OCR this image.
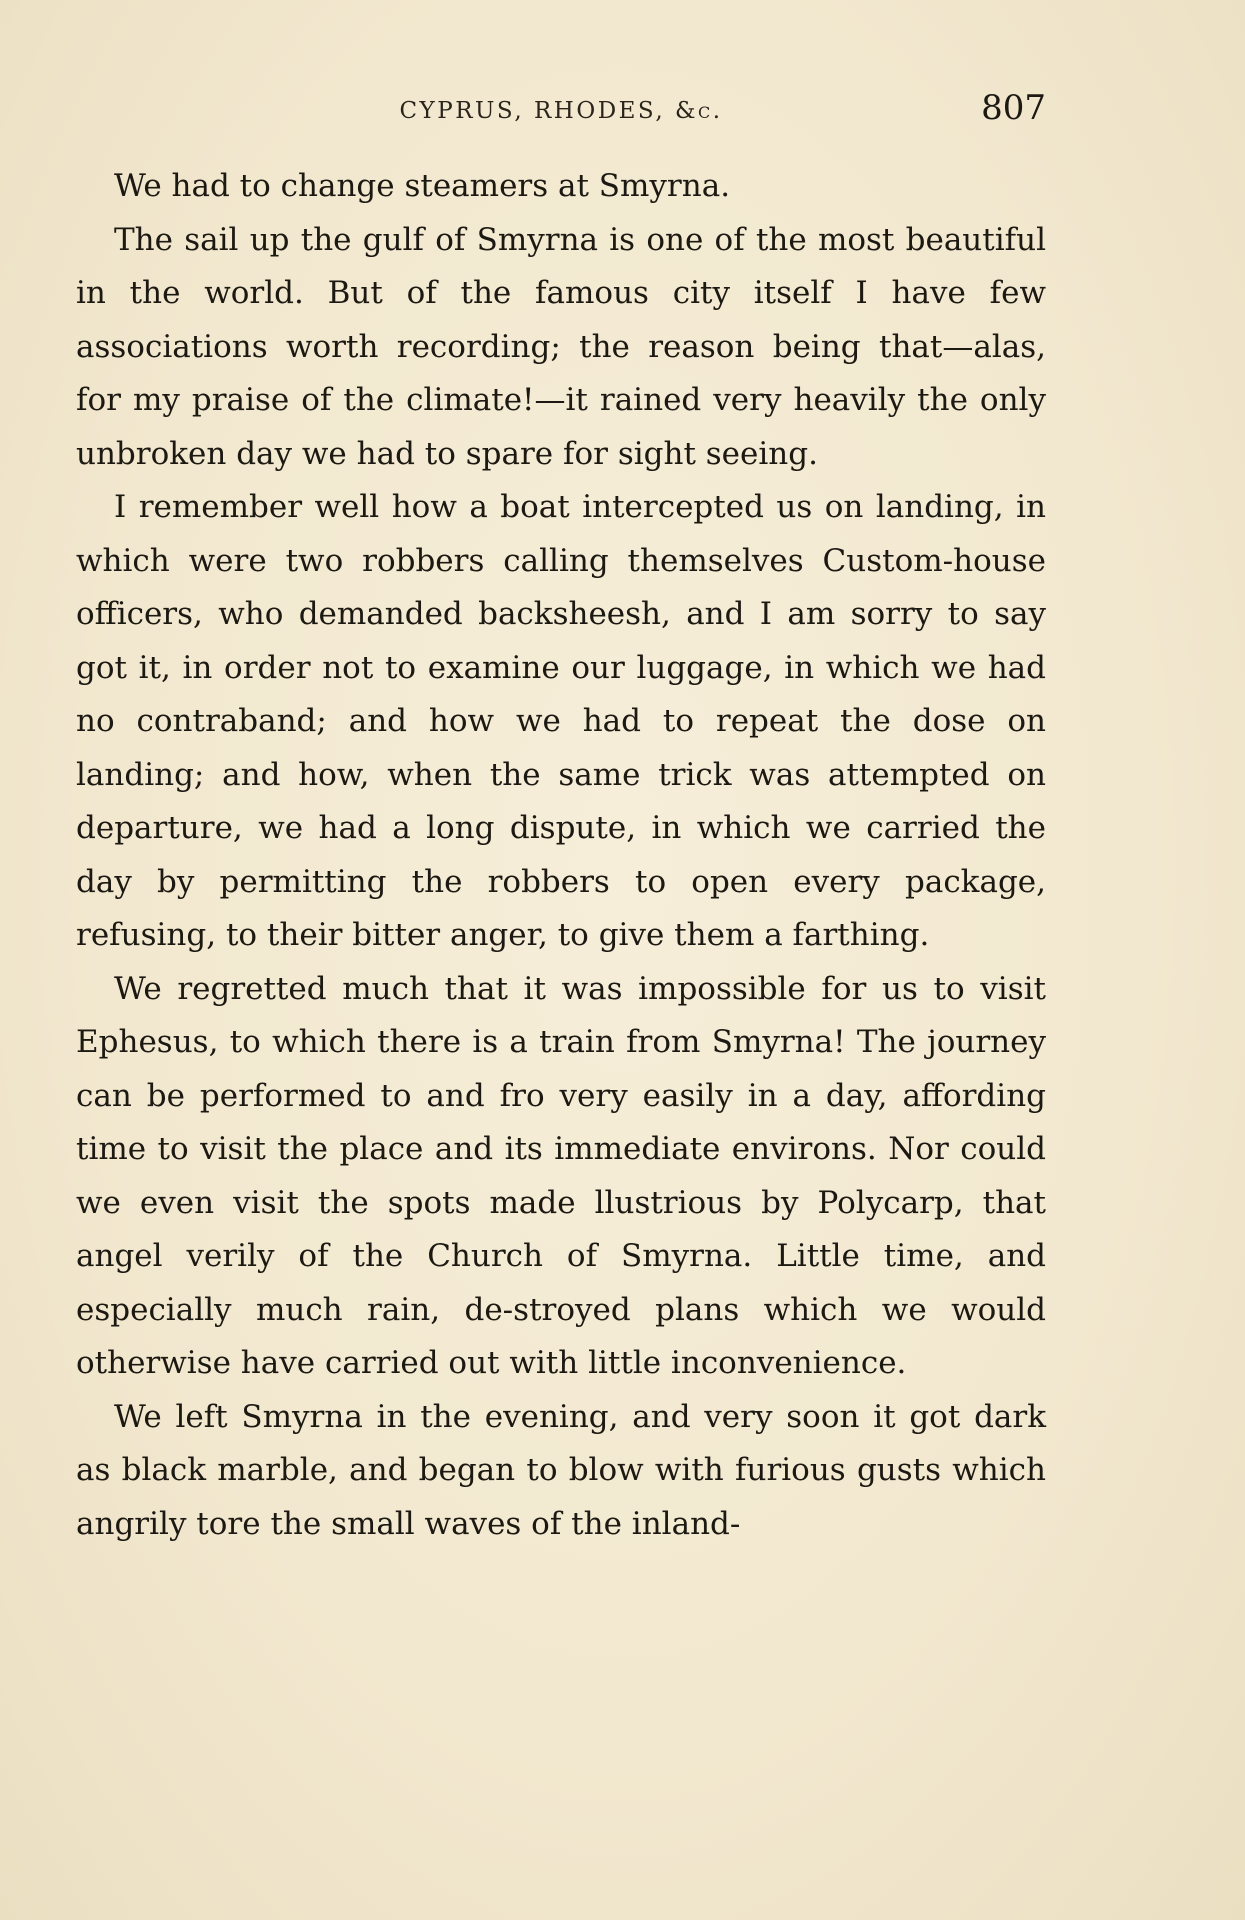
CYPRUS, RHODES, &c.	807

We had to change steamers at Smyrna.

The sail up the gulf of Smyrna is one of the most beautiful in the world. But of the famous city itself I have few associations worth recording; the reason being that—alas, for my praise of the climate!—it rained very heavily the only unbroken day we had to spare for sight seeing.

I remember well how a boat intercepted us on landing, in which were two robbers calling themselves Custom-house officers, who demanded backsheesh, and I am sorry to say got it, in order not to examine our luggage, in which we had no contraband; and how we had to repeat the dose on landing; and how, when the same trick was attempted on departure, we had a long dispute, in which we carried the day by permitting the robbers to open every package, refusing, to their bitter anger, to give them a farthing.

We regretted much that it was impossible for us to visit Ephesus, to which there is a train from Smyrna! The journey can be performed to and fro very easily in a day, affording time to visit the place and its immediate environs. Nor could we even visit the spots made llustrious by Polycarp, that angel verily of the Church of Smyrna. Little time, and especially much rain, de-stroyed plans which we would otherwise have carried out with little inconvenience.

We left Smyrna in the evening, and very soon it got dark as black marble, and began to blow with furious gusts which angrily tore the small waves of the inland-
